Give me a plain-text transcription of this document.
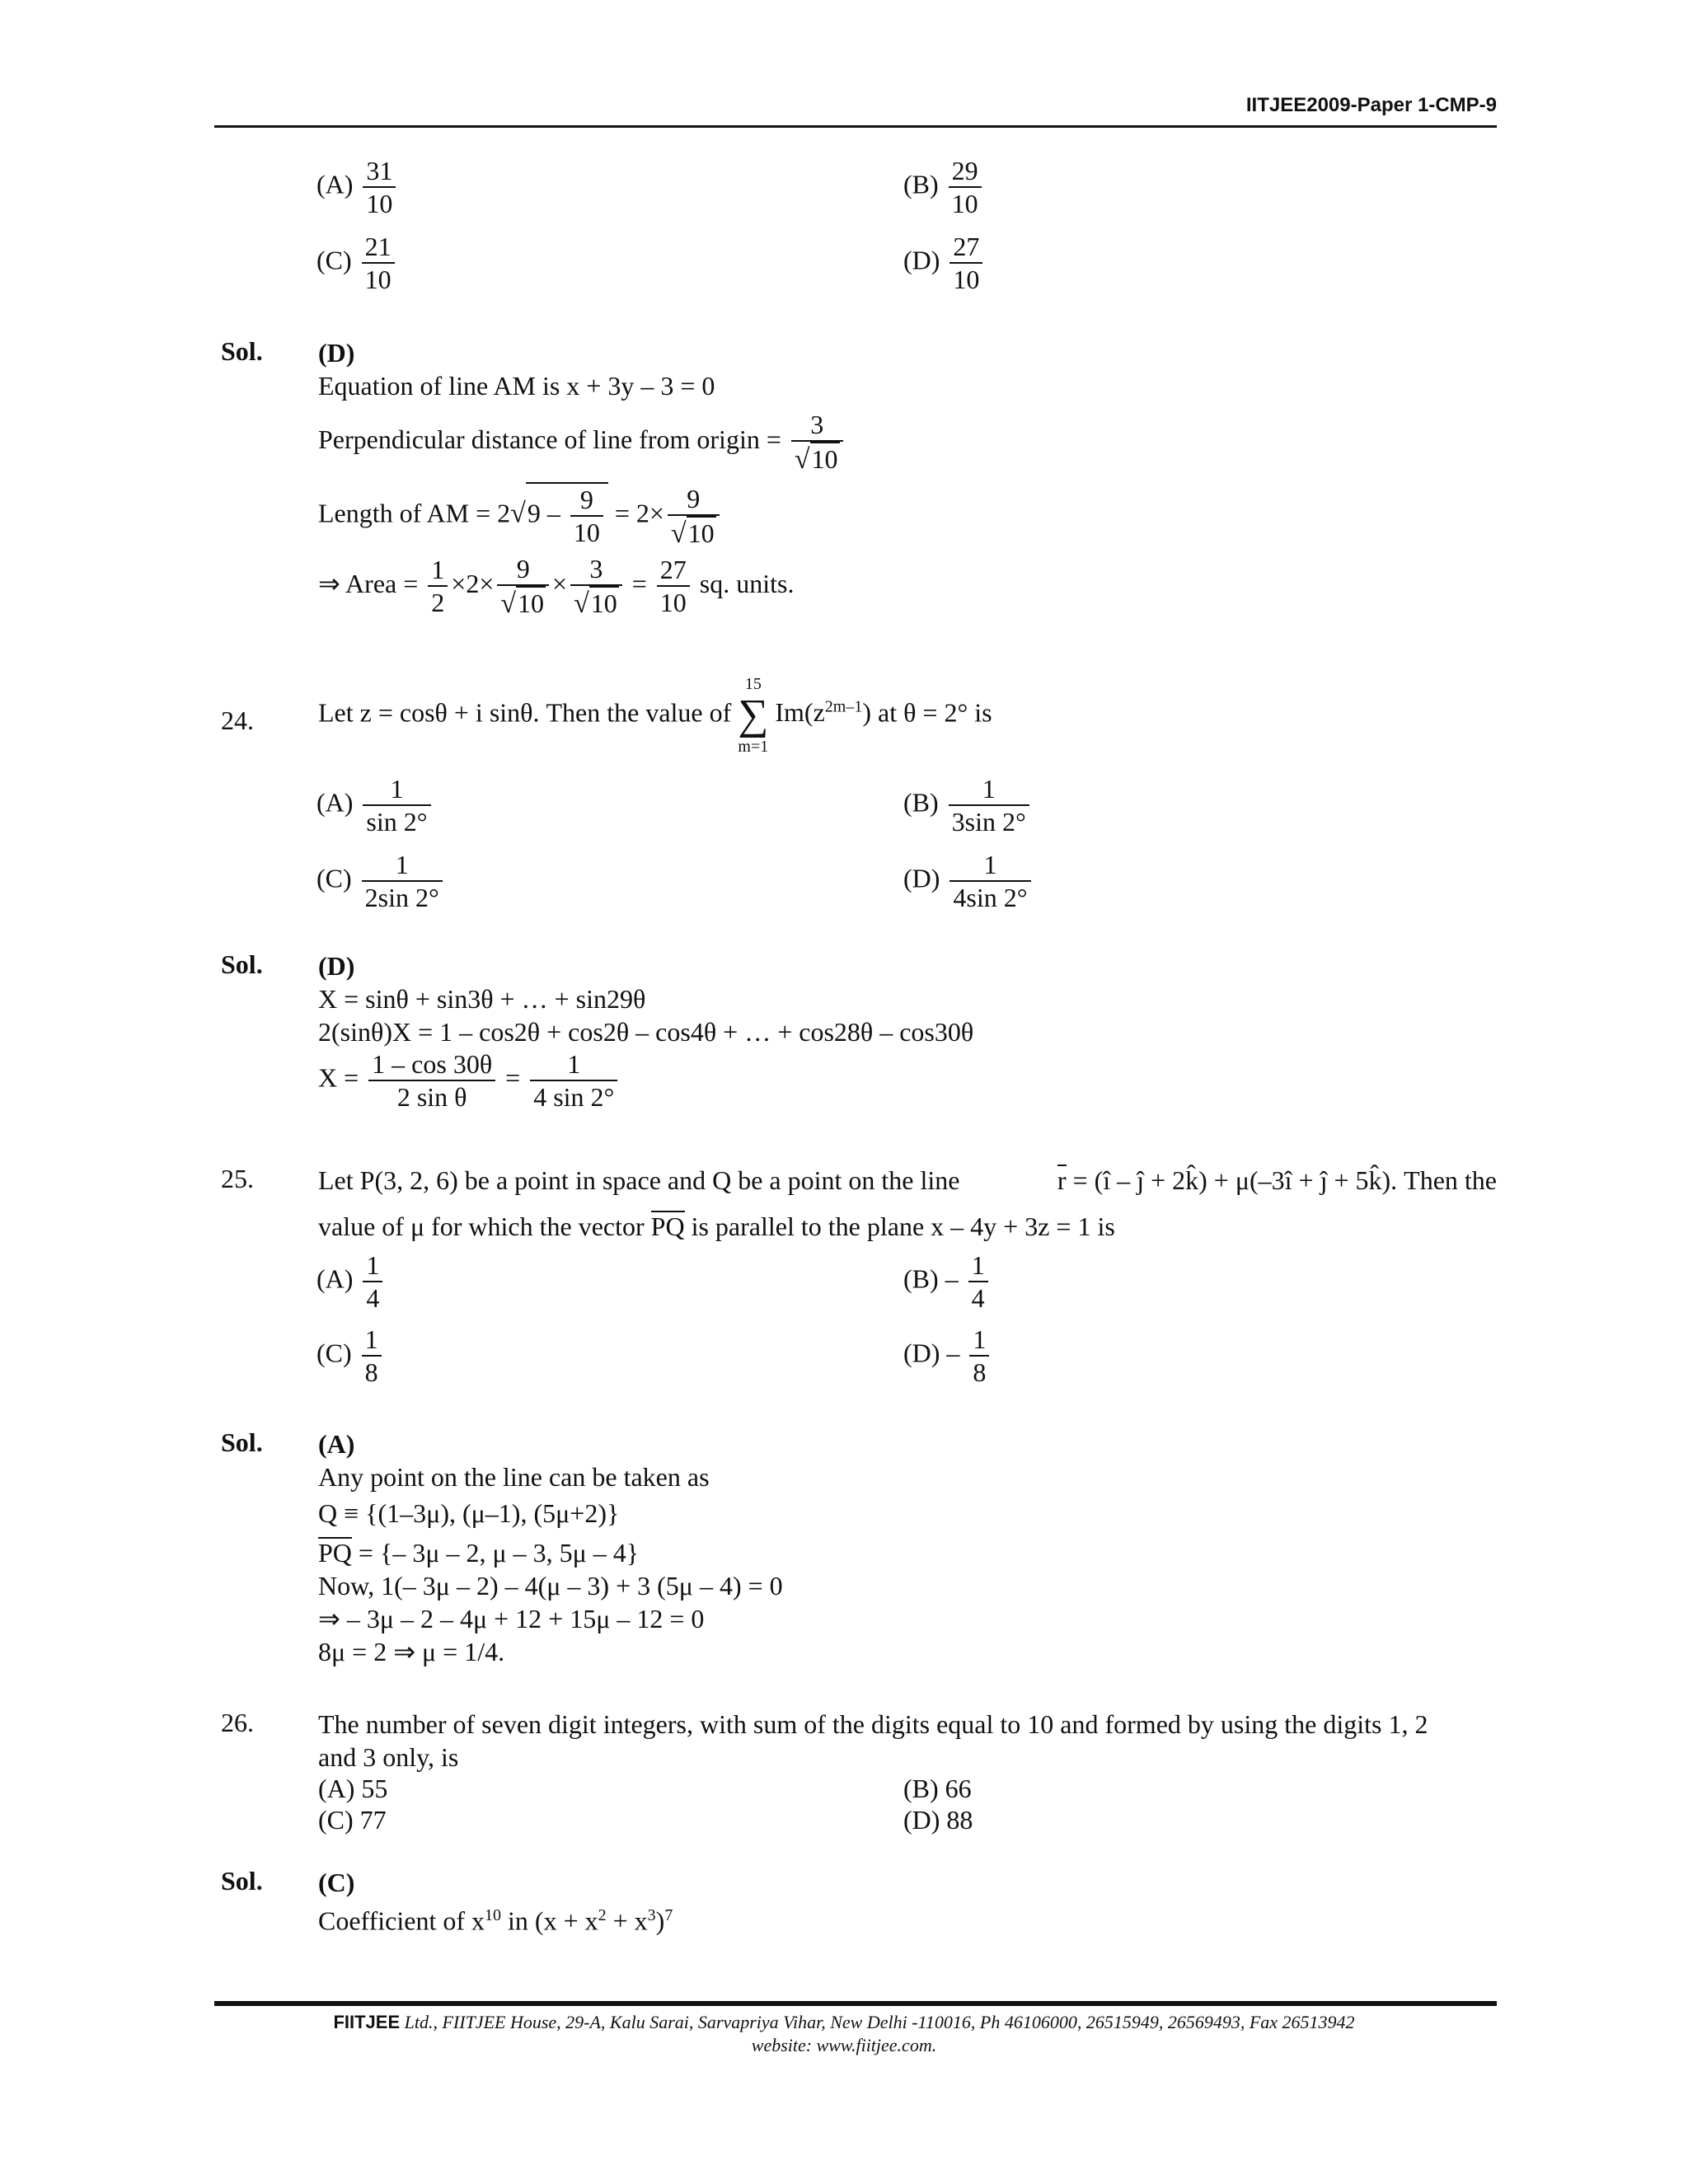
IITJEE2009-Paper 1-CMP-9
$(A) \frac{31}{10}$	$(B) \frac{29}{10}$
$(C) \frac{21}{10}$	$(D) \frac{27}{10}$
Sol. (D)
Equation of line AM is x + 3y – 3 = 0
Perpendicular distance of line from origin = $\frac{3}{√10}$
Length of AM = $2√9 - \frac{9}{10} = 2\times \frac{9}{√10}$
⇒ Area = $\frac{1}{2} \times 2\times \frac{9}{√10} \times \frac{3}{√10} = \frac{27}{10}$ sq. units.
24. Let z = cosθ + i sinθ. Then the value of 15
∑
m=1 $Im(z^{2m-1})$ at θ = 2° is
$(A) \frac{1}{\sin 2^\circ}$	$(B) \frac{1}{3\sin 2^\circ}$
$(C) \frac{1}{2\sin 2^\circ}$	$(D) \frac{1}{4\sin 2^\circ}$
Sol. (D)
X = sinθ + sin3θ + … + sin29θ
2(sinθ)X = 1 – cos2θ + cos2θ – cos4θ + … + cos28θ – cos30θ
$X = \frac{1 - \cos 30\theta}{\text{2 sin θ}} = \frac{1}{4 \sin 2^\circ}$
25. Let P(3, 2, 6) be a point in space and Q be a point on the line	r = (î – ĵ + 2k̂) + μ(–3î + ĵ + 5k̂). Then the
value of μ for which the vector PQ is parallel to the plane x – 4y + 3z = 1 is
$(A) \frac{1}{4}$	$(B) - \frac{1}{4}$
$(C) \frac{1}{8}$	$(D) - \frac{1}{8}$
Sol. (A)
Any point on the line can be taken as
Q ≡ {(1–3μ), (μ–1), (5μ+2)}
PQ = {– 3μ – 2, μ – 3, 5μ – 4}
Now, 1(– 3μ – 2) – 4(μ – 3) + 3 (5μ – 4) = 0
⇒ – 3μ – 2 – 4μ + 12 + 15μ – 12 = 0
8μ = 2 ⇒ μ = 1/4.
26. The number of seven digit integers, with sum of the digits equal to 10 and formed by using the digits 1, 2
and 3 only, is
(A) 55	(B) 66
(C) 77	(D) 88
Sol. (C)
Coefficient of $x^{10}$ in $(x + x^2 + x^3)^7$
FIITJEE Ltd., FIITJEE House, 29-A, Kalu Sarai, Sarvapriya Vihar, New Delhi -110016, Ph 46106000, 26515949, 26569493, Fax 26513942
website: www.fiitjee.com.
